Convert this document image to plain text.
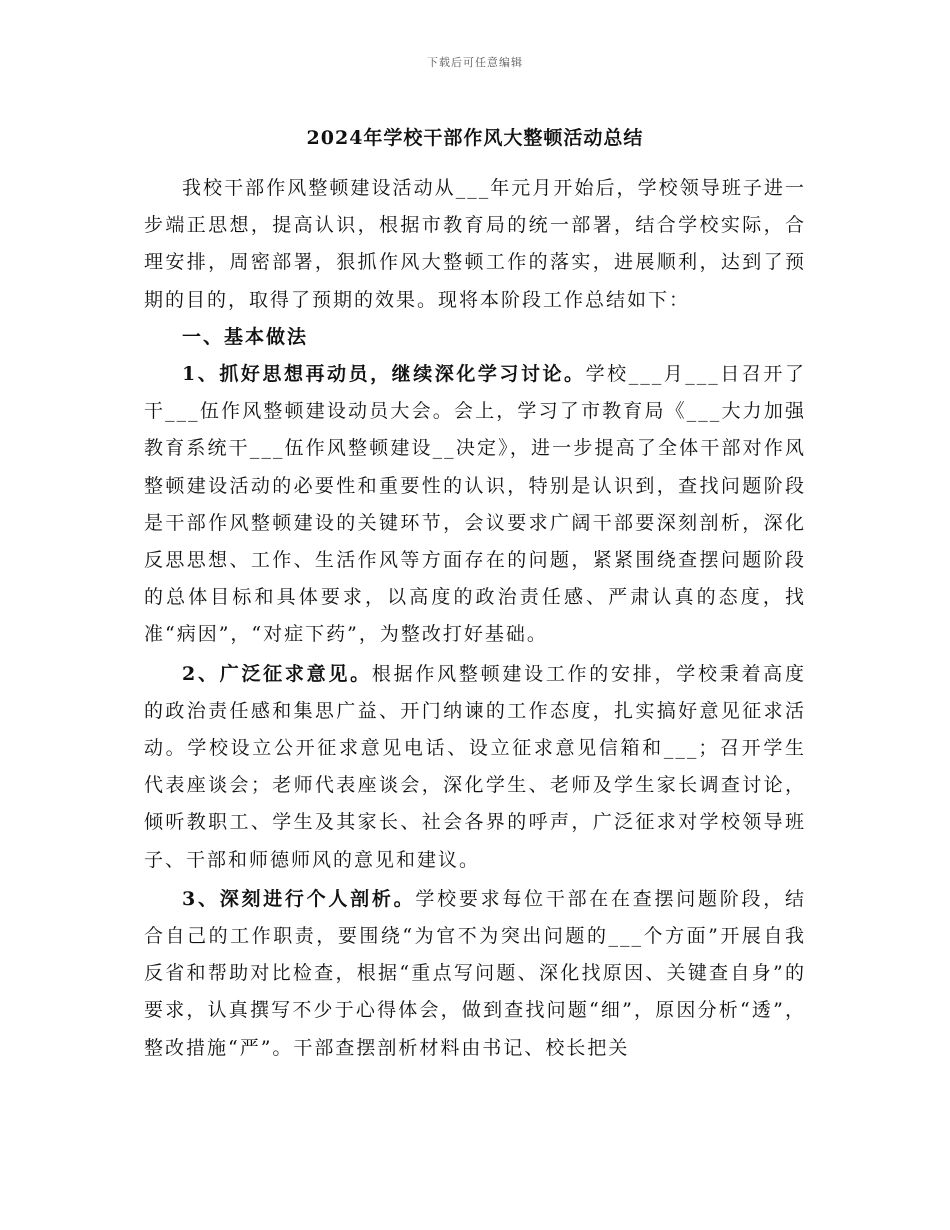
下载后可任意编辑
2024年学校干部作风大整顿活动总结

我校干部作风整顿建设活动从___年元月开始后，学校领导班子进一步端正思想，提高认识，根据市教育局的统一部署，结合学校实际，合理安排，周密部署，狠抓作风大整顿工作的落实，进展顺利，达到了预期的目的，取得了预期的效果。现将本阶段工作总结如下：

一、基本做法

1、抓好思想再动员，继续深化学习讨论。学校___月___日召开了干___伍作风整顿建设动员大会。会上，学习了市教育局《___大力加强教育系统干___伍作风整顿建设__决定》，进一步提高了全体干部对作风整顿建设活动的必要性和重要性的认识，特别是认识到，查找问题阶段是干部作风整顿建设的关键环节，会议要求广阔干部要深刻剖析，深化反思思想、工作、生活作风等方面存在的问题，紧紧围绕查摆问题阶段的总体目标和具体要求，以高度的政治责任感、严肃认真的态度，找准“病因”，“对症下药”，为整改打好基础。

2、广泛征求意见。根据作风整顿建设工作的安排，学校秉着高度的政治责任感和集思广益、开门纳谏的工作态度，扎实搞好意见征求活动。学校设立公开征求意见电话、设立征求意见信箱和___；召开学生代表座谈会；老师代表座谈会，深化学生、老师及学生家长调查讨论，倾听教职工、学生及其家长、社会各界的呼声，广泛征求对学校领导班子、干部和师德师风的意见和建议。

3、深刻进行个人剖析。学校要求每位干部在在查摆问题阶段，结合自己的工作职责，要围绕“为官不为突出问题的___个方面”开展自我反省和帮助对比检查，根据“重点写问题、深化找原因、关键查自身”的要求，认真撰写不少于心得体会，做到查找问题“细”，原因分析“透”，整改措施“严”。干部查摆剖析材料由书记、校长把关
